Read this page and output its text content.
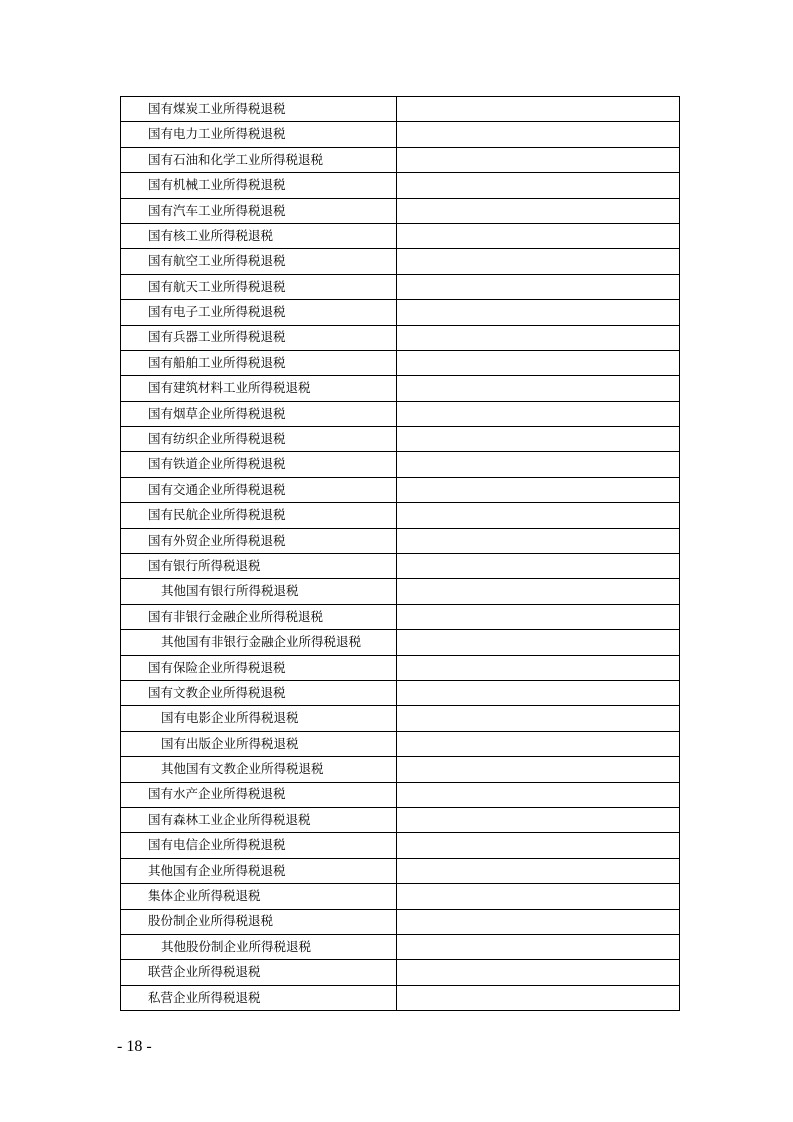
国有煤炭工业所得税退税	
国有电力工业所得税退税	
国有石油和化学工业所得税退税	
国有机械工业所得税退税	
国有汽车工业所得税退税	
国有核工业所得税退税	
国有航空工业所得税退税	
国有航天工业所得税退税	
国有电子工业所得税退税	
国有兵器工业所得税退税	
国有船舶工业所得税退税	
国有建筑材料工业所得税退税	
国有烟草企业所得税退税	
国有纺织企业所得税退税	
国有铁道企业所得税退税	
国有交通企业所得税退税	
国有民航企业所得税退税	
国有外贸企业所得税退税	
国有银行所得税退税	
其他国有银行所得税退税	
国有非银行金融企业所得税退税	
其他国有非银行金融企业所得税退税	
国有保险企业所得税退税	
国有文教企业所得税退税	
国有电影企业所得税退税	
国有出版企业所得税退税	
其他国有文教企业所得税退税	
国有水产企业所得税退税	
国有森林工业企业所得税退税	
国有电信企业所得税退税	
其他国有企业所得税退税	
集体企业所得税退税	
股份制企业所得税退税	
其他股份制企业所得税退税	
联营企业所得税退税	
私营企业所得税退税	
- 18 -
